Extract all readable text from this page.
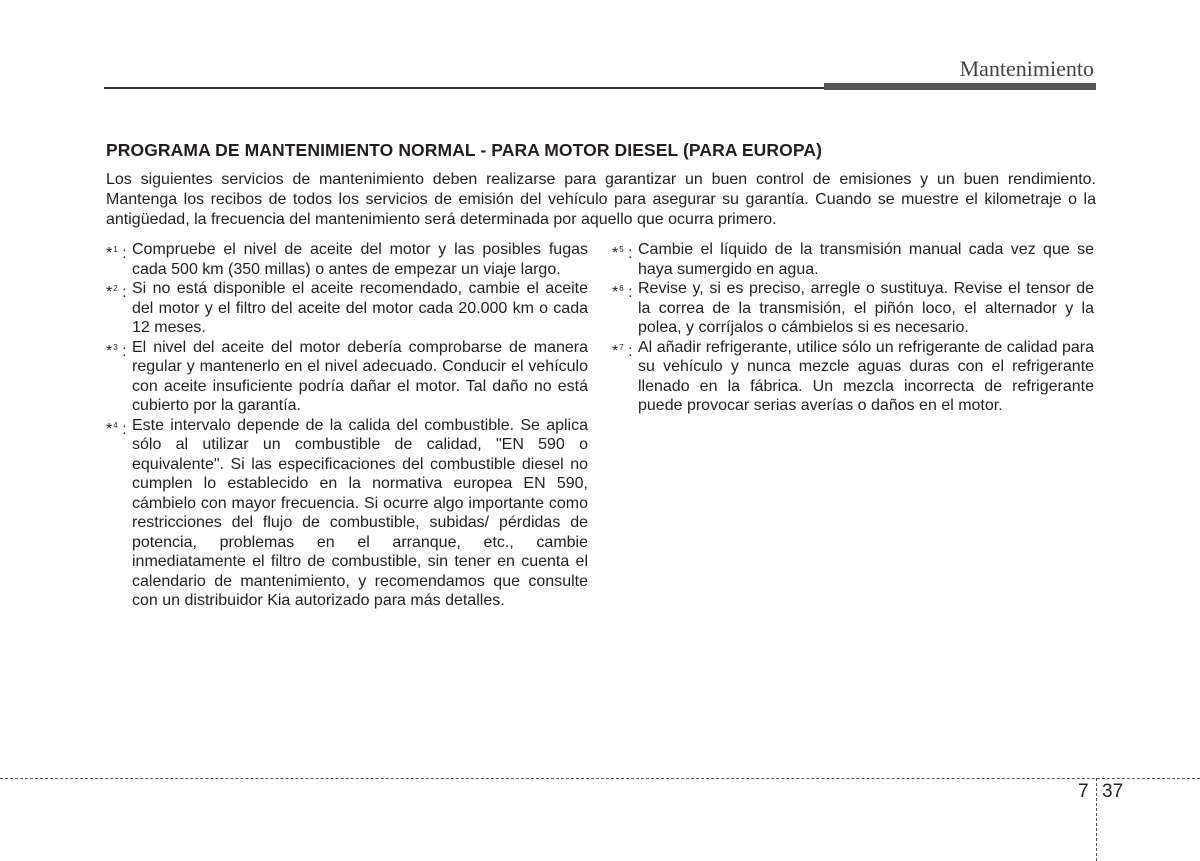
Mantenimiento
PROGRAMA DE MANTENIMIENTO NORMAL - PARA MOTOR DIESEL (PARA EUROPA)

Los siguientes servicios de mantenimiento deben realizarse para garantizar un buen control de emisiones y un buen rendimiento. Mantenga los recibos de todos los servicios de emisión del vehículo para asegurar su garantía. Cuando se muestre el kilometraje o la antigüedad, la frecuencia del mantenimiento será determinada por aquello que ocurra primero.

*$^1$ : Compruebe el nivel de aceite del motor y las posibles fugas cada 500 km (350 millas) o antes de empezar un viaje largo.
*$^2$ : Si no está disponible el aceite recomendado, cambie el aceite del motor y el filtro del aceite del motor cada 20.000 km o cada 12 meses.
*$^3$ : El nivel del aceite del motor debería comprobarse de manera regular y mantenerlo en el nivel adecuado. Conducir el vehículo con aceite insuficiente podría dañar el motor. Tal daño no está cubierto por la garantía.
*$^4$ : Este intervalo depende de la calida del combustible. Se aplica sólo al utilizar un combustible de calidad, "EN 590 o equivalente". Si las especificaciones del combustible diesel no cumplen lo establecido en la normativa europea EN 590, cámbielo con mayor frecuencia. Si ocurre algo importante como restricciones del flujo de combustible, subidas/ pérdidas de potencia, problemas en el arranque, etc., cambie inmediatamente el filtro de combustible, sin tener en cuenta el calendario de mantenimiento, y recomendamos que consulte con un distribuidor Kia autorizado para más detalles.
*$^5$ : Cambie el líquido de la transmisión manual cada vez que se haya sumergido en agua.
*$^6$ : Revise y, si es preciso, arregle o sustituya. Revise el tensor de la correa de la transmisión, el piñón loco, el alternador y la polea, y corríjalos o cámbielos si es necesario.
*$^7$ : Al añadir refrigerante, utilice sólo un refrigerante de calidad para su vehículo y nunca mezcle aguas duras con el refrigerante llenado en la fábrica. Un mezcla incorrecta de refrigerante puede provocar serias averías o daños en el motor.
7 37
